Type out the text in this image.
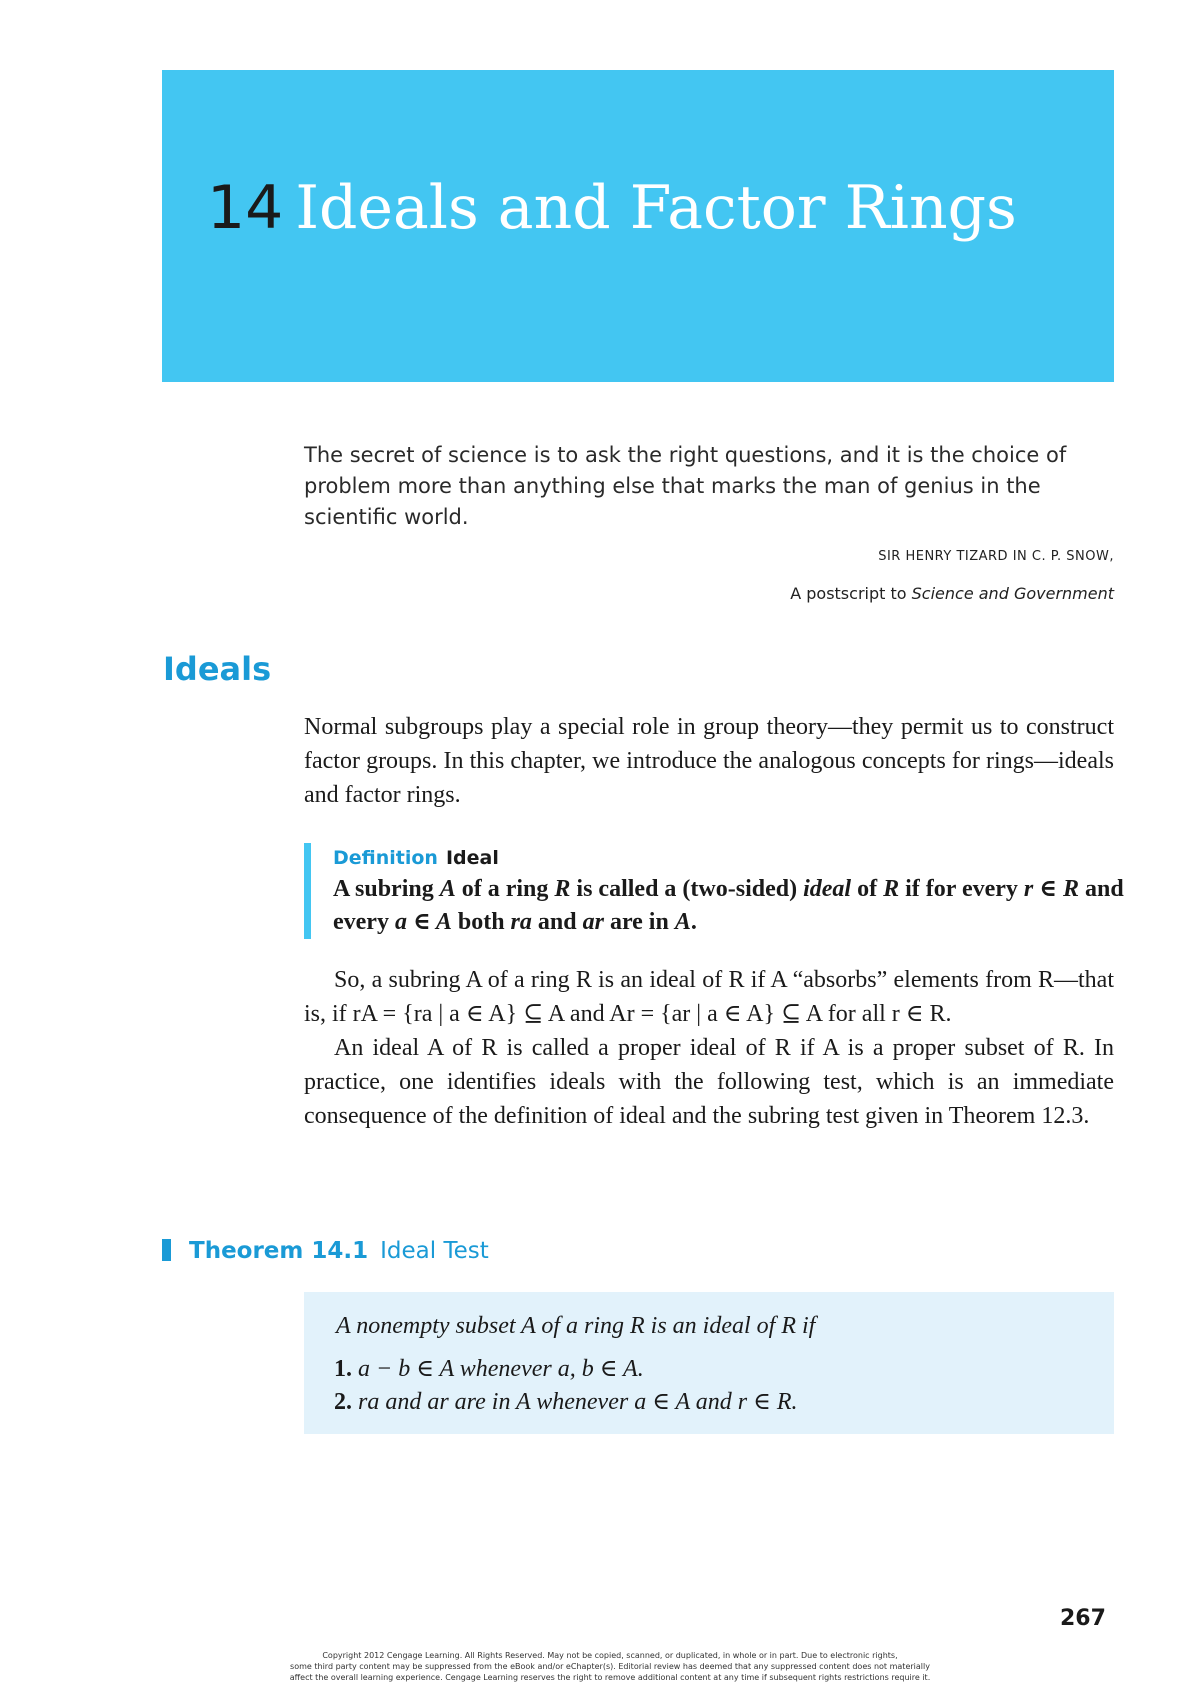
14 Ideals and Factor Rings

The secret of science is to ask the right questions, and it is the choice of problem more than anything else that marks the man of genius in the scientific world.

SIR HENRY TIZARD IN C. P. SNOW,
A postscript to Science and Government
Ideals

Normal subgroups play a special role in group theory—they permit us to construct factor groups. In this chapter, we introduce the analogous concepts for rings—ideals and factor rings.

Definition Ideal
A subring A of a ring R is called a (two-sided) ideal of R if for every r ∈ R and every a ∈ A both ra and ar are in A.

So, a subring A of a ring R is an ideal of R if A “absorbs” elements from R—that is, if rA = {ra | a ∈ A} ⊆ A and Ar = {ar | a ∈ A} ⊆ A for all r ∈ R.

An ideal A of R is called a proper ideal of R if A is a proper subset of R. In practice, one identifies ideals with the following test, which is an immediate consequence of the definition of ideal and the subring test given in Theorem 12.3.

Theorem 14.1 Ideal Test
A nonempty subset A of a ring R is an ideal of R if
1. a − b ∈ A whenever a, b ∈ A.
2. ra and ar are in A whenever a ∈ A and r ∈ R.
267
Copyright 2012 Cengage Learning. All Rights Reserved. May not be copied, scanned, or duplicated, in whole or in part. Due to electronic rights,
some third party content may be suppressed from the eBook and/or eChapter(s). Editorial review has deemed that any suppressed content does not materially
affect the overall learning experience. Cengage Learning reserves the right to remove additional content at any time if subsequent rights restrictions require it.
